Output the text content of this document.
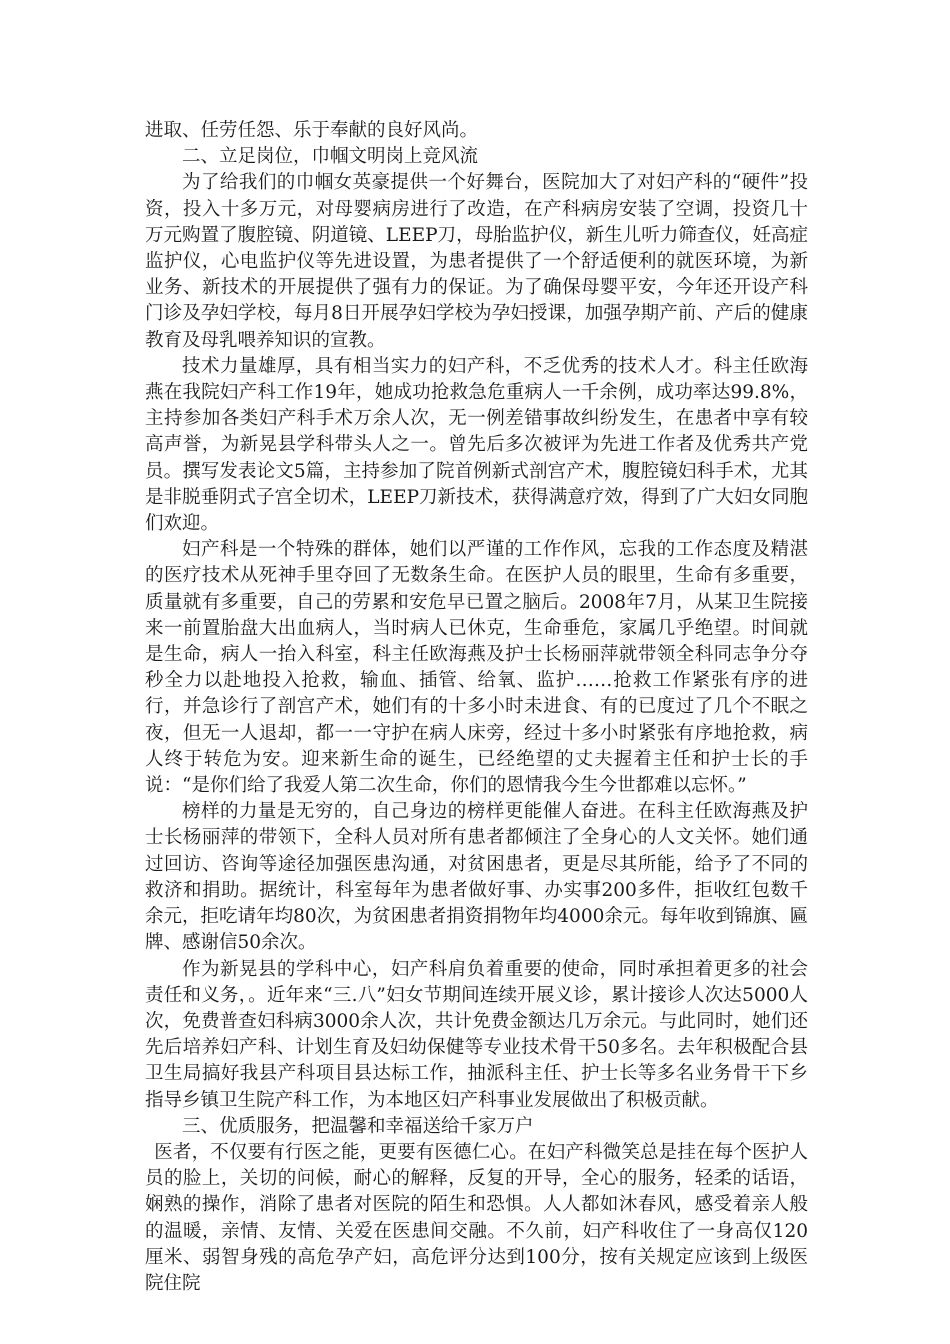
进取、任劳任怨、乐于奉献的良好风尚。

二、立足岗位，巾帼文明岗上竞风流

为了给我们的巾帼女英豪提供一个好舞台，医院加大了对妇产科的“硬件”投资，投入十多万元，对母婴病房进行了改造，在产科病房安装了空调，投资几十万元购置了腹腔镜、阴道镜、LEEP刀，母胎监护仪，新生儿听力筛查仪，妊高症监护仪，心电监护仪等先进设置，为患者提供了一个舒适便利的就医环境，为新业务、新技术的开展提供了强有力的保证。为了确保母婴平安，今年还开设产科门诊及孕妇学校，每月8日开展孕妇学校为孕妇授课，加强孕期产前、产后的健康教育及母乳喂养知识的宣教。

技术力量雄厚，具有相当实力的妇产科，不乏优秀的技术人才。科主任欧海燕在我院妇产科工作19年，她成功抢救急危重病人一千余例，成功率达99.8%，主持参加各类妇产科手术万余人次，无一例差错事故纠纷发生，在患者中享有较高声誉，为新晃县学科带头人之一。曾先后多次被评为先进工作者及优秀共产党员。撰写发表论文5篇，主持参加了院首例新式剖宫产术，腹腔镜妇科手术，尤其是非脱垂阴式子宫全切术，LEEP刀新技术，获得满意疗效，得到了广大妇女同胞们欢迎。

妇产科是一个特殊的群体，她们以严谨的工作作风，忘我的工作态度及精湛的医疗技术从死神手里夺回了无数条生命。在医护人员的眼里，生命有多重要，质量就有多重要，自己的劳累和安危早已置之脑后。2008年7月，从某卫生院接来一前置胎盘大出血病人，当时病人已休克，生命垂危，家属几乎绝望。时间就是生命，病人一抬入科室，科主任欧海燕及护士长杨丽萍就带领全科同志争分夺秒全力以赴地投入抢救，输血、插管、给氧、监护……抢救工作紧张有序的进行，并急诊行了剖宫产术，她们有的十多小时未进食、有的已度过了几个不眠之夜，但无一人退却，都一一守护在病人床旁，经过十多小时紧张有序地抢救，病人终于转危为安。迎来新生命的诞生，已经绝望的丈夫握着主任和护士长的手说：“是你们给了我爱人第二次生命，你们的恩情我今生今世都难以忘怀。”

榜样的力量是无穷的，自己身边的榜样更能催人奋进。在科主任欧海燕及护士长杨丽萍的带领下，全科人员对所有患者都倾注了全身心的人文关怀。她们通过回访、咨询等途径加强医患沟通，对贫困患者，更是尽其所能，给予了不同的救济和捐助。据统计，科室每年为患者做好事、办实事200多件，拒收红包数千余元，拒吃请年均80次，为贫困患者捐资捐物年均4000余元。每年收到锦旗、匾牌、感谢信50余次。

作为新晃县的学科中心，妇产科肩负着重要的使命，同时承担着更多的社会责任和义务，。近年来“三.八”妇女节期间连续开展义诊，累计接诊人次达5000人次，免费普查妇科病3000余人次，共计免费金额达几万余元。与此同时，她们还先后培养妇产科、计划生育及妇幼保健等专业技术骨干50多名。去年积极配合县卫生局搞好我县产科项目县达标工作，抽派科主任、护士长等多名业务骨干下乡指导乡镇卫生院产科工作，为本地区妇产科事业发展做出了积极贡献。

三、优质服务，把温馨和幸福送给千家万户

医者，不仅要有行医之能，更要有医德仁心。在妇产科微笑总是挂在每个医护人员的脸上，关切的问候，耐心的解释，反复的开导，全心的服务，轻柔的话语，娴熟的操作，消除了患者对医院的陌生和恐惧。人人都如沐春风，感受着亲人般的温暖，亲情、友情、关爱在医患间交融。不久前，妇产科收住了一身高仅120厘米、弱智身残的高危孕产妇，高危评分达到100分，按有关规定应该到上级医院住院
